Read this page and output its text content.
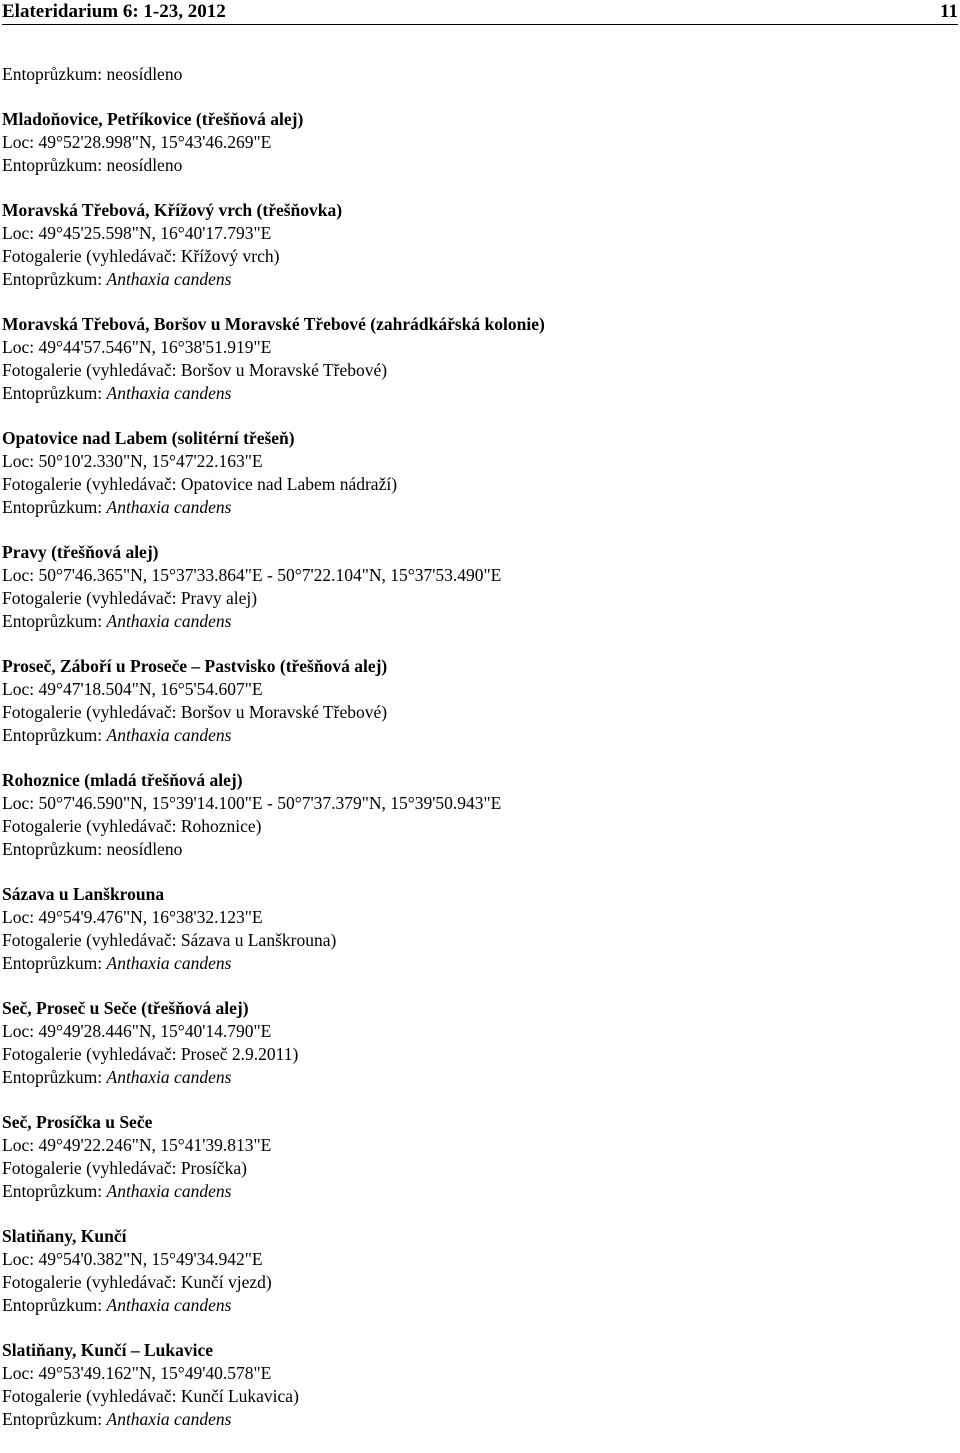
Elateridarium 6: 1-23, 2012	11
Entoprůzkum: neosídleno
Mladoňovice, Petříkovice (třešňová alej)
Loc: 49°52'28.998"N, 15°43'46.269"E
Entoprůzkum: neosídleno
Moravská Třebová, Křížový vrch (třešňovka)
Loc: 49°45'25.598"N, 16°40'17.793"E
Fotogalerie (vyhledávač: Křížový vrch)
Entoprůzkum: Anthaxia candens
Moravská Třebová, Boršov u Moravské Třebové (zahrádkářská kolonie)
Loc: 49°44'57.546"N, 16°38'51.919"E
Fotogalerie (vyhledávač: Boršov u Moravské Třebové)
Entoprůzkum: Anthaxia candens
Opatovice nad Labem (solitérní třešeň)
Loc: 50°10'2.330"N, 15°47'22.163"E
Fotogalerie (vyhledávač: Opatovice nad Labem nádraží)
Entoprůzkum: Anthaxia candens
Pravy (třešňová alej)
Loc: 50°7'46.365"N, 15°37'33.864"E - 50°7'22.104"N, 15°37'53.490"E
Fotogalerie (vyhledávač: Pravy alej)
Entoprůzkum: Anthaxia candens
Proseč, Záboří u Proseče – Pastvisko (třešňová alej)
Loc: 49°47'18.504"N, 16°5'54.607"E
Fotogalerie (vyhledávač: Boršov u Moravské Třebové)
Entoprůzkum: Anthaxia candens
Rohoznice (mladá třešňová alej)
Loc: 50°7'46.590"N, 15°39'14.100"E - 50°7'37.379"N, 15°39'50.943"E
Fotogalerie (vyhledávač: Rohoznice)
Entoprůzkum: neosídleno
Sázava u Lanškrouna
Loc: 49°54'9.476"N, 16°38'32.123"E
Fotogalerie (vyhledávač: Sázava u Lanškrouna)
Entoprůzkum: Anthaxia candens
Seč, Proseč u Seče (třešňová alej)
Loc: 49°49'28.446"N, 15°40'14.790"E
Fotogalerie (vyhledávač: Proseč 2.9.2011)
Entoprůzkum: Anthaxia candens
Seč, Prosíčka u Seče
Loc: 49°49'22.246"N, 15°41'39.813"E
Fotogalerie (vyhledávač: Prosíčka)
Entoprůzkum: Anthaxia candens
Slatiňany, Kunčí
Loc: 49°54'0.382"N, 15°49'34.942"E
Fotogalerie (vyhledávač: Kunčí vjezd)
Entoprůzkum: Anthaxia candens
Slatiňany, Kunčí – Lukavice
Loc: 49°53'49.162"N, 15°49'40.578"E
Fotogalerie (vyhledávač: Kunčí Lukavica)
Entoprůzkum: Anthaxia candens
